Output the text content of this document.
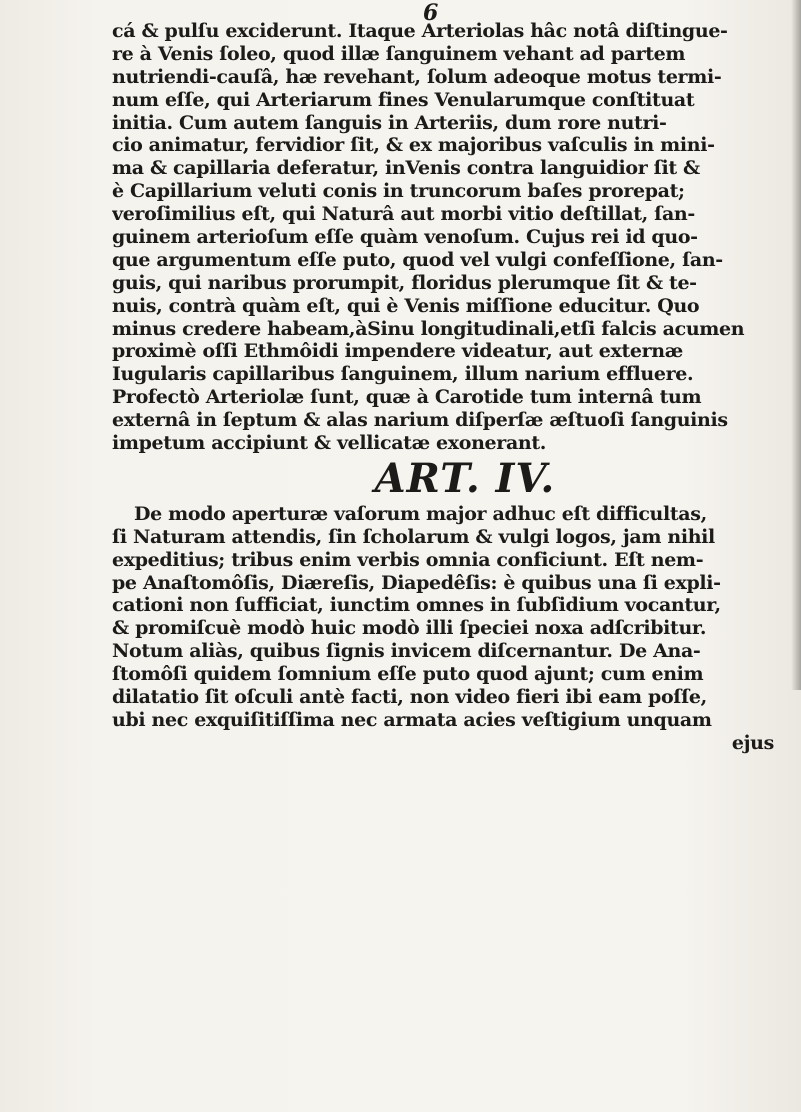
6
cá & pulſu exciderunt. Itaque Arteriolas hâc notâ diſtingue-
re à Venis ſoleo, quod illæ ſanguinem vehant ad partem
nutriendi-cauſâ, hæ revehant, ſolum adeoque motus termi-
num eſſe, qui Arteriarum fines Venularumque conſtituat
initia. Cum autem ſanguis in Arteriis, dum rore nutri-
cio animatur, fervidior ſit, & ex majoribus vaſculis in mini-
ma & capillaria deferatur, inVenis contra languidior ſit &
è Capillarium veluti conis in truncorum baſes prorepat;
veroſimilius eſt, qui Naturâ aut morbi vitio deſtillat, ſan-
guinem arterioſum eſſe quàm venoſum. Cujus rei id quo-
que argumentum eſſe puto, quod vel vulgi confeſſione, ſan-
guis, qui naribus prorumpit, floridus plerumque ſit & te-
nuis, contrà quàm eſt, qui è Venis miſſione educitur. Quo
minus credere habeam,àSinu longitudinali,etſi falcis acumen
proximè oſſi Ethmôidi impendere videatur, aut externæ
Iugularis capillaribus ſanguinem, illum narium effluere.
Profectò Arteriolæ ſunt, quæ à Carotide tum internâ tum
externâ in ſeptum & alas narium diſperſæ æſtuoſi ſanguinis
impetum accipiunt & vellicatæ exonerant.
ART. IV.
De modo aperturæ vaſorum major adhuc eſt difficultas,
ſi Naturam attendis, ſin ſcholarum & vulgi logos, jam nihil
expeditius; tribus enim verbis omnia conficiunt. Eſt nem-
pe Anaſtomôſis, Diæreſis, Diapedêſis: è quibus una ſi expli-
cationi non ſufficiat, iunctim omnes in ſubſidium vocantur,
& promiſcuè modò huic modò illi ſpeciei noxa adſcribitur.
Notum aliàs, quibus ſignis invicem diſcernantur. De Ana-
ſtomôſi quidem ſomnium eſſe puto quod ajunt; cum enim
dilatatio ſit oſculi antè facti, non video fieri ibi eam poſſe,
ubi nec exquiſitiſſima nec armata acies veſtigium unquam
ejus
